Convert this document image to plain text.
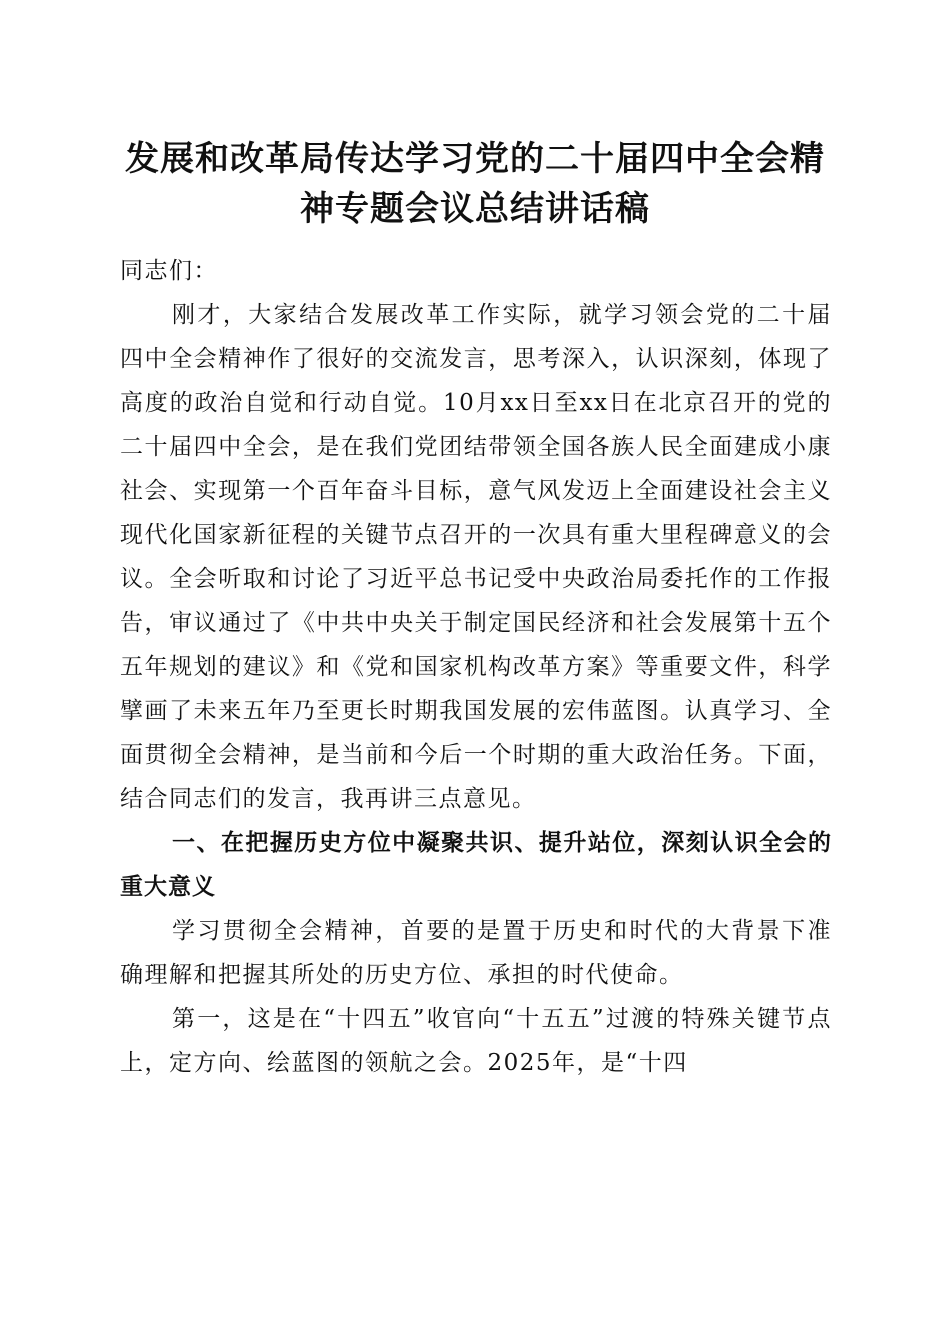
发展和改革局传达学习党的二十届四中全会精
神专题会议总结讲话稿

同志们：

刚才，大家结合发展改革工作实际，就学习领会党的二十届四中全会精神作了很好的交流发言，思考深入，认识深刻，体现了高度的政治自觉和行动自觉。10月xx日至xx日在北京召开的党的二十届四中全会，是在我们党团结带领全国各族人民全面建成小康社会、实现第一个百年奋斗目标，意气风发迈上全面建设社会主义现代化国家新征程的关键节点召开的一次具有重大里程碑意义的会议。全会听取和讨论了习近平总书记受中央政治局委托作的工作报告，审议通过了《中共中央关于制定国民经济和社会发展第十五个五年规划的建议》和《党和国家机构改革方案》等重要文件，科学擘画了未来五年乃至更长时期我国发展的宏伟蓝图。认真学习、全面贯彻全会精神，是当前和今后一个时期的重大政治任务。下面，结合同志们的发言，我再讲三点意见。

一、在把握历史方位中凝聚共识、提升站位，深刻认识全会的重大意义

学习贯彻全会精神，首要的是置于历史和时代的大背景下准确理解和把握其所处的历史方位、承担的时代使命。

第一，这是在“十四五”收官向“十五五”过渡的特殊关键节点上，定方向、绘蓝图的领航之会。2025年，是“十四
